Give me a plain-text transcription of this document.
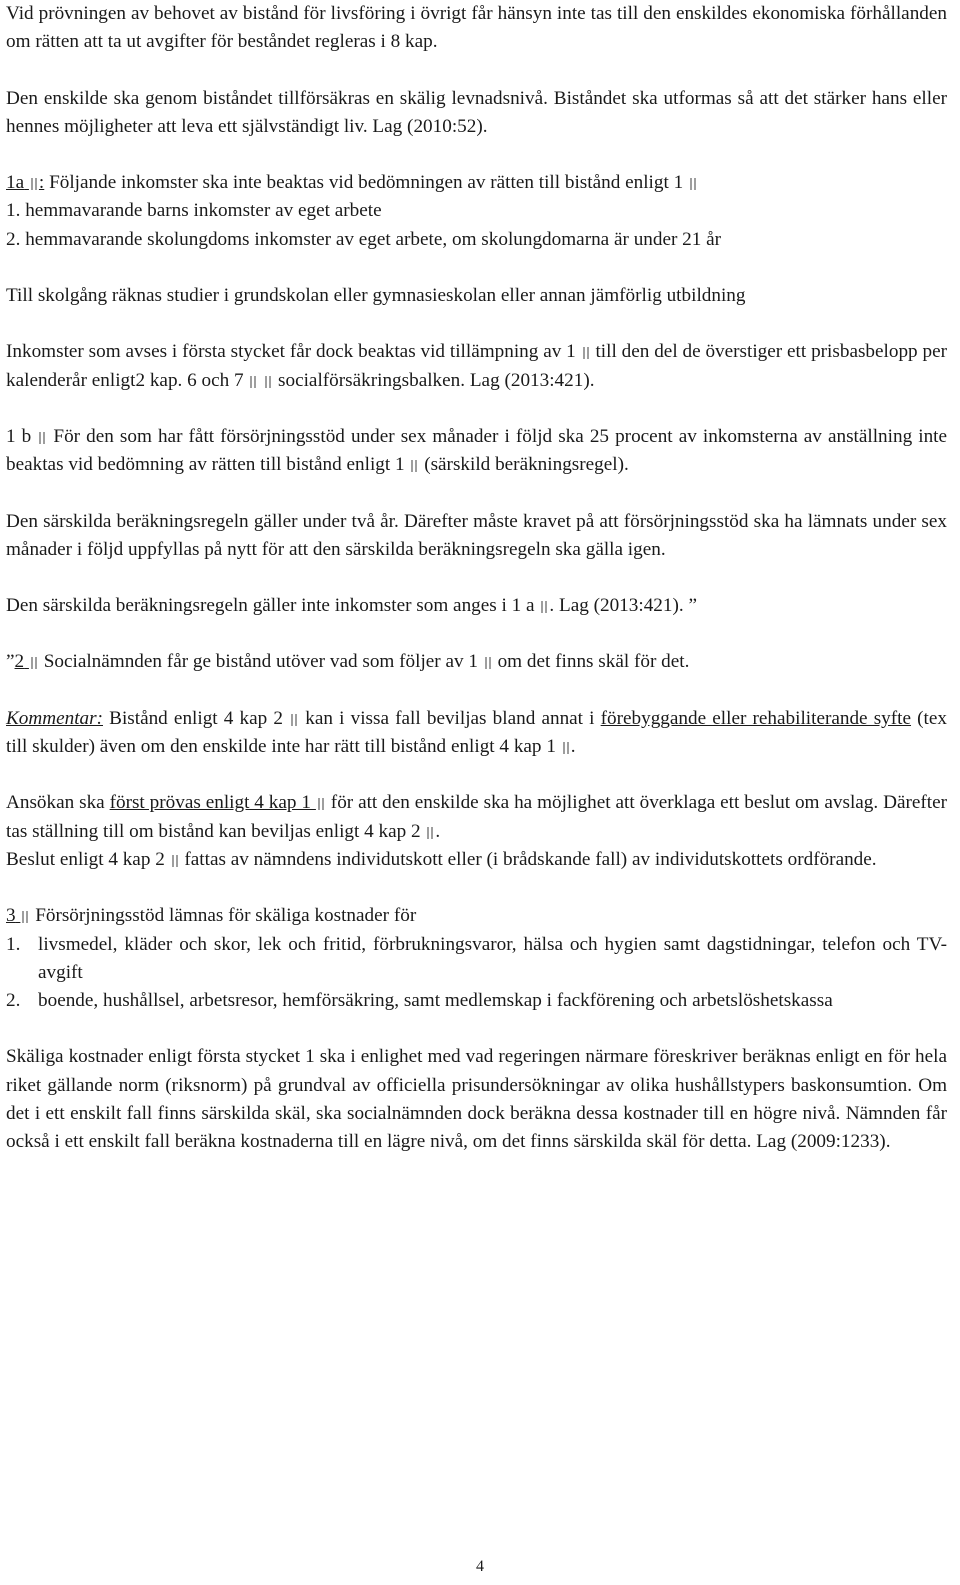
Vid prövningen av behovet av bistånd för livsföring i övrigt får hänsyn inte tas till den enskildes ekonomiska förhållanden om rätten att ta ut avgifter för beståndet regleras i 8 kap.

Den enskilde ska genom biståndet tillförsäkras en skälig levnadsnivå. Biståndet ska utformas så att det stärker hans eller hennes möjligheter att leva ett självständigt liv. Lag (2010:52).

1a : Följande inkomster ska inte beaktas vid bedömningen av rätten till bistånd enligt 1

1. hemmavarande barns inkomster av eget arbete

2. hemmavarande skolungdoms inkomster av eget arbete, om skolungdomarna är under 21 år

Till skolgång räknas studier i grundskolan eller gymnasieskolan eller annan jämförlig utbildning

Inkomster som avses i första stycket får dock beaktas vid tillämpning av 1
till den del de överstiger ett prisbasbelopp per kalenderår enligt2 kap. 6 och 7

socialförsäkringsbalken. Lag (2013:421).

1 b
För den som har fått försörjningsstöd under sex månader i följd ska 25 procent av inkomsterna av anställning inte beaktas vid bedömning av rätten till bistånd enligt 1
(särskild beräkningsregel).

Den särskilda beräkningsregeln gäller under två år. Därefter måste kravet på att försörjningsstöd ska ha lämnats under sex månader i följd uppfyllas på nytt för att den särskilda beräkningsregeln ska gälla igen.

Den särskilda beräkningsregeln gäller inte inkomster som anges i 1 a . Lag (2013:421). ”

”2
Socialnämnden får ge bistånd utöver vad som följer av 1
om det finns skäl för det.

Kommentar: Bistånd enligt 4 kap 2
kan i vissa fall beviljas bland annat i förebyggande eller rehabiliterande syfte (tex till skulder) även om den enskilde inte har rätt till bistånd enligt 4 kap 1 .

Ansökan ska först prövas enligt 4 kap 1
för att den enskilde ska ha möjlighet att överklaga ett beslut om avslag. Därefter tas ställning till om bistånd kan beviljas enligt 4 kap 2 .

Beslut enligt 4 kap 2
fattas av nämndens individutskott eller (i brådskande fall) av individutskottets ordförande.

3
Försörjningsstöd lämnas för skäliga kostnader för

1. livsmedel, kläder och skor, lek och fritid, förbrukningsvaror, hälsa och hygien samt dagstidningar, telefon och TV-avgift
2. boende, hushållsel, arbetsresor, hemförsäkring, samt medlemskap i fackförening och arbetslöshetskassa

Skäliga kostnader enligt första stycket 1 ska i enlighet med vad regeringen närmare föreskriver beräknas enligt en för hela riket gällande norm (riksnorm) på grundval av officiella prisundersökningar av olika hushållstypers baskonsumtion. Om det i ett enskilt fall finns särskilda skäl, ska socialnämnden dock beräkna dessa kostnader till en högre nivå. Nämnden får också i ett enskilt fall beräkna kostnaderna till en lägre nivå, om det finns särskilda skäl för detta. Lag (2009:1233).

4
